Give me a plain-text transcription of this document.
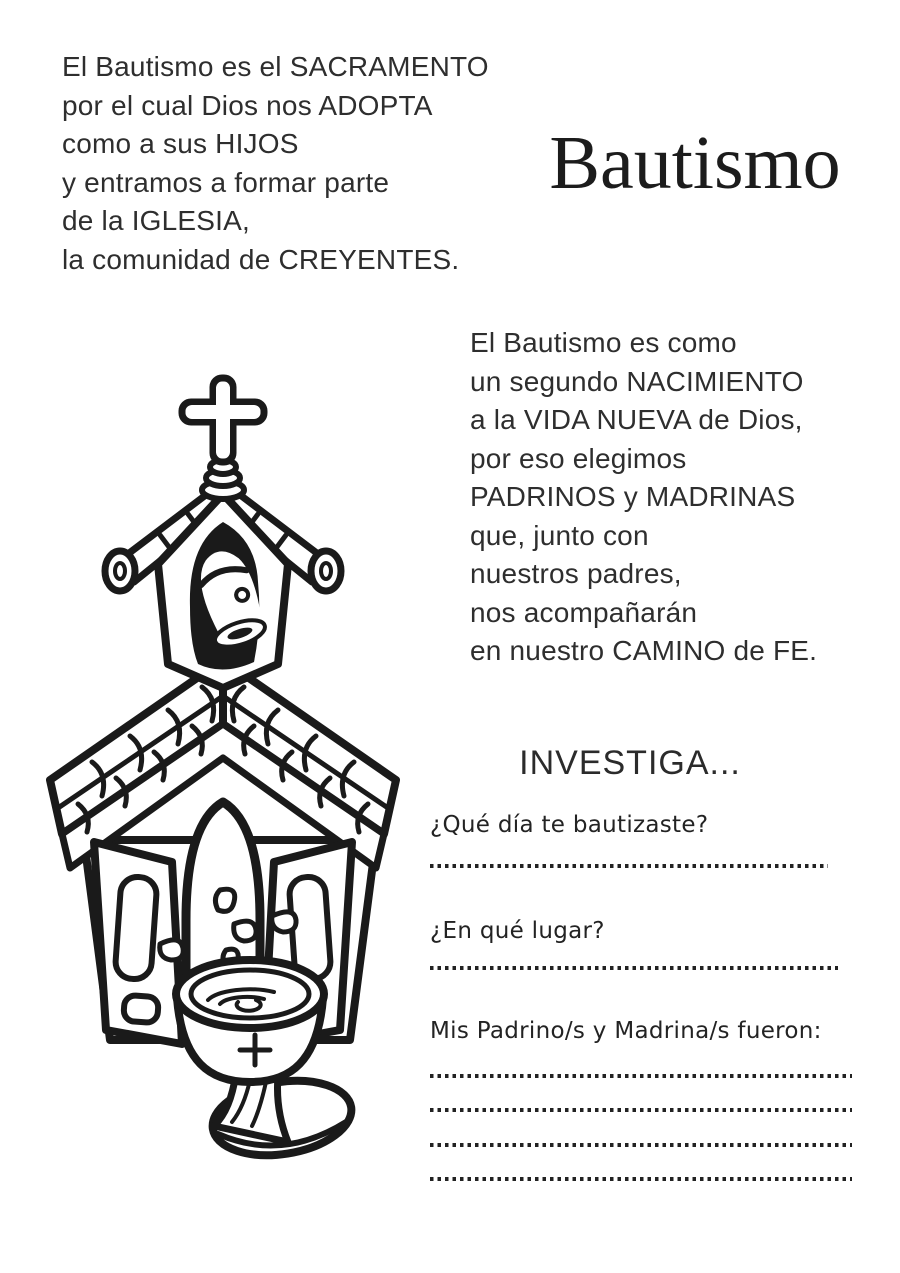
El Bautismo es el SACRAMENTO
por el cual Dios nos ADOPTA
como a sus HIJOS
y entramos a formar parte
de la IGLESIA,
la comunidad de CREYENTES.
Bautismo
El Bautismo es como
un segundo NACIMIENTO
a la VIDA NUEVA de Dios,
por eso elegimos
PADRINOS y MADRINAS
que, junto con
nuestros padres,
nos acompañarán
en nuestro CAMINO de FE.
INVESTIGA...
¿Qué día te bautizaste?
¿En qué lugar?
Mis Padrino/s y Madrina/s fueron:
